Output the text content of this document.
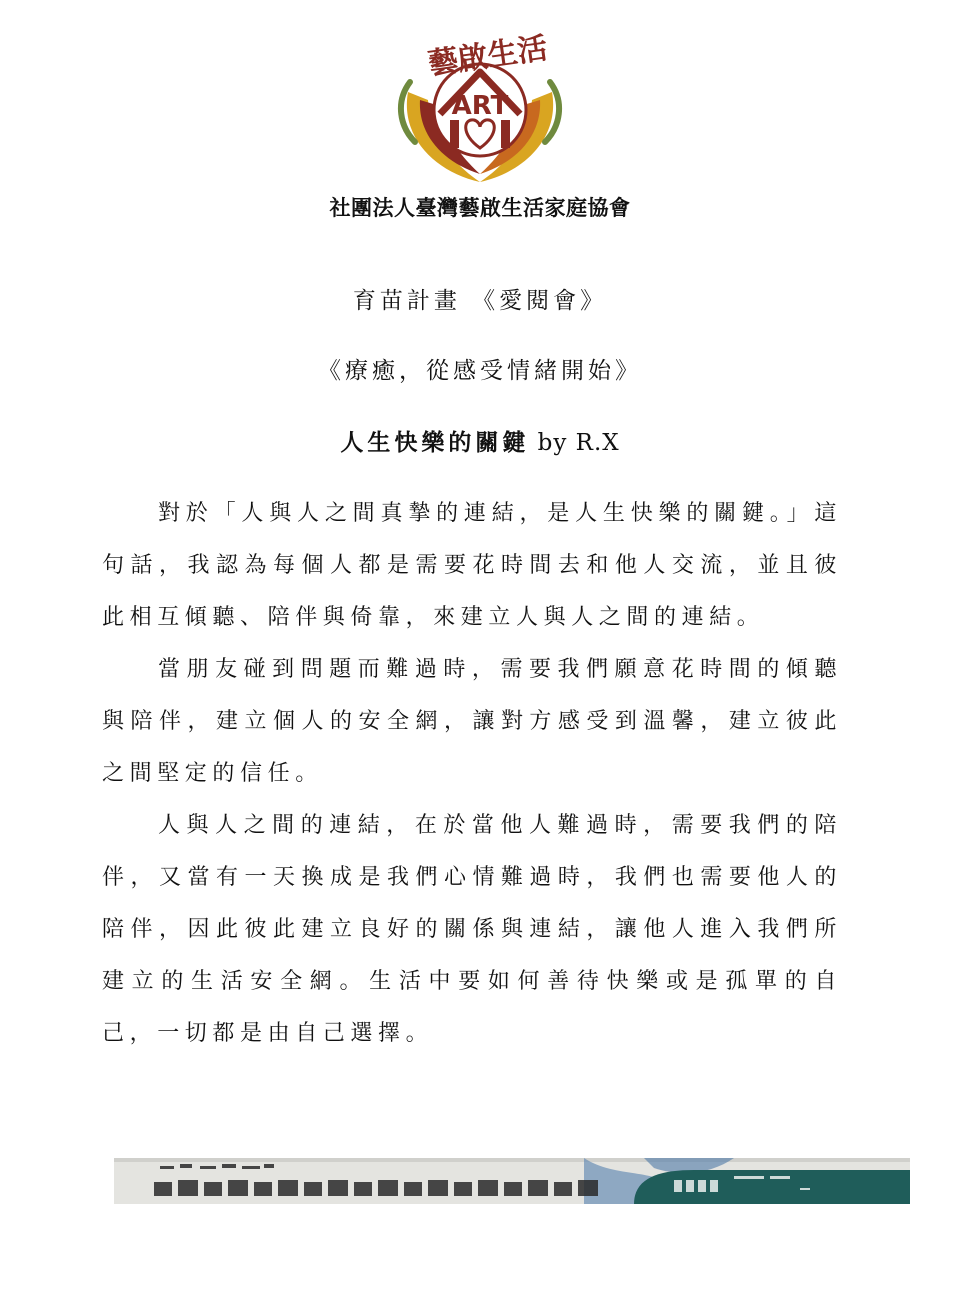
ART
藝啟生活
社團法人臺灣藝啟生活家庭協會
育苗計畫 《愛閱會》
《療癒，從感受情緒開始》
人生快樂的關鍵 by R.X

對於「人與人之間真摯的連結，是人生快樂的關鍵。」這句話，我認為每個人都是需要花時間去和他人交流，並且彼此相互傾聽、陪伴與倚靠，來建立人與人之間的連結。

當朋友碰到問題而難過時，需要我們願意花時間的傾聽與陪伴，建立個人的安全網，讓對方感受到溫馨，建立彼此之間堅定的信任。

人與人之間的連結，在於當他人難過時，需要我們的陪伴，又當有一天換成是我們心情難過時，我們也需要他人的陪伴，因此彼此建立良好的關係與連結，讓他人進入我們所建立的生活安全網。生活中要如何善待快樂或是孤單的自己，一切都是由自己選擇。
